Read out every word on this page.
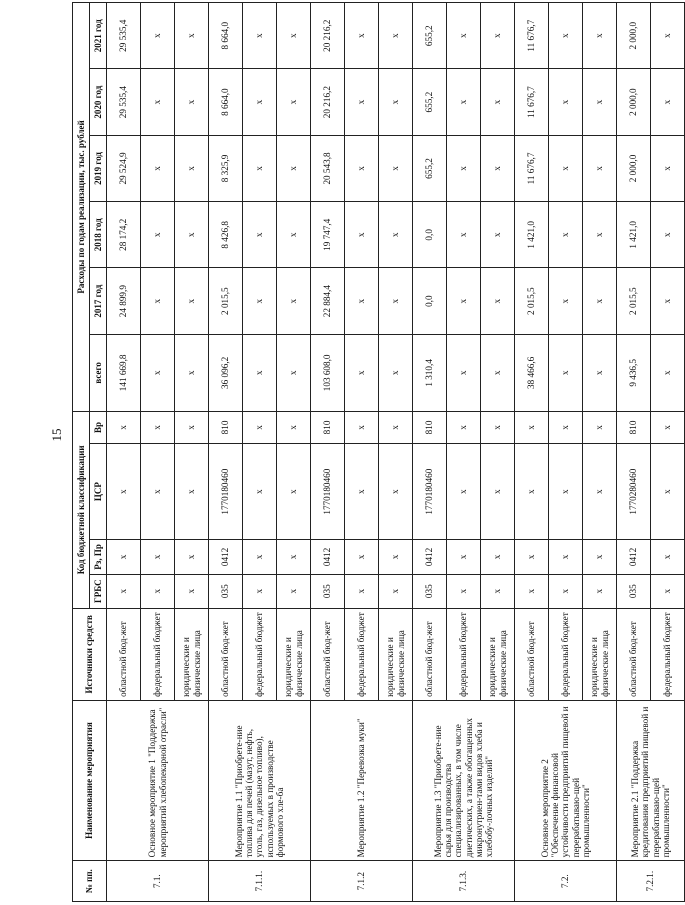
15
№ пп.	Наименование мероприятия	Источники средств	Код бюджетной классификации				Расходы по годам реализации, тыс. рублей					
			ГРБС	Рз, Пр	ЦСР	Вр	всего	2017 год	2018 год	2019 год	2020 год	2021 год
7.1.	Основное мероприятие 1 "Поддержка мероприятий хлебопекарной отрасли"	областной бюд-жет	х	х	х	х	141 669,8	24 899,9	28 174,2	29 524,9	29 535,4	29 535,4
		федеральный бюджет	х	х	х	х	х	х	х	х	х	х
		юридические и физические лица	х	х	х	х	х	х	х	х	х	х
7.1.1.	Мероприятие 1.1 "Приобрете-ние топлива для печей (мазут, нефть, уголь, газ, дизельное топливо), используемых в производстве формового хле-ба	областной бюд-жет	035	0412	1770180460	810	36 096,2	2 015,5	8 426,8	8 325,9	8 664,0	8 664,0
		федеральный бюджет	х	х	х	х	х	х	х	х	х	х
		юридические и физические лица	х	х	х	х	х	х	х	х	х	х
7.1.2	Мероприятие 1.2 "Перевозка муки"	областной бюд-жет	035	0412	1770180460	810	103 608,0	22 884,4	19 747,4	20 543,8	20 216,2	20 216,2
		федеральный бюджет	х	х	х	х	х	х	х	х	х	х
		юридические и физические лица	х	х	х	х	х	х	х	х	х	х
7.1.3.	Мероприятие 1.3 "Приобрете-ние сырья для производства специализированных, в том числе диетических, а также обогащенных микронутриен-тами видов хлеба и хлебобу-лочных изделий"	областной бюд-жет	035	0412	1770180460	810	1 310,4	0,0	0,0	655,2	655,2	655,2
		федеральный бюджет	х	х	х	х	х	х	х	х	х	х
		юридические и физические лица	х	х	х	х	х	х	х	х	х	х
7.2.	Основное мероприятие 2 "Обеспечение финансовой устойчивости предприятий пищевой и перерабатываю-щей промышленности"	областной бюд-жет	х	х	х	х	38 466,6	2 015,5	1 421,0	11 676,7	11 676,7	11 676,7
		федеральный бюджет	х	х	х	х	х	х	х	х	х	х
		юридические и физические лица	х	х	х	х	х	х	х	х	х	х
7.2.1.	Мероприятие 2.1 "Поддержка кредитования предприятий пищевой и перерабатываю-щей промышленности"	областной бюд-жет	035	0412	1770280460	810	9 436,5	2 015,5	1 421,0	2 000,0	2 000,0	2 000,0
		федеральный бюджет	х	х	х	х	х	х	х	х	х	х
